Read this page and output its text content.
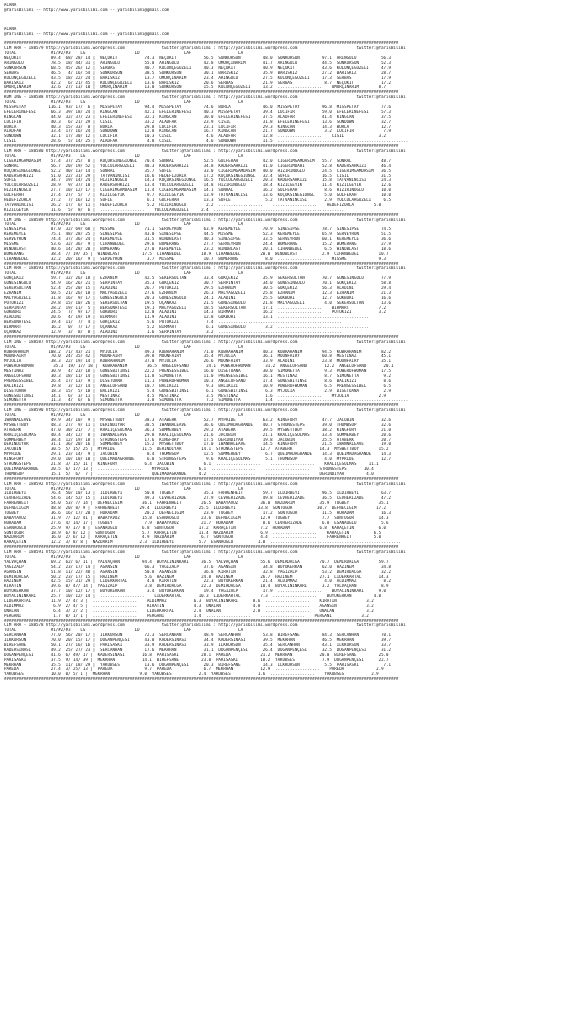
ACANA
@YarisBilimi -- http://www.yarisbilimi.com -- yarisbilimi@gmail.com
ACANA
@YarisBilimi -- http://www.yarisbilimi.com -- yarisbilimi@gmail.com

################################################################################################################################################################
CIM ARA - 188579 http://yarisbilimi.wordpress.com               twitter:@YarisBilimi : http://yarisbilimi.wordpress.com                        twitter:@YarisBilimi
TOTAL              #1/#2/#3    LG                    LD                  LAF                   LA
NEÇUKIT            89.4  68/ 28/ 14 |  NEÇUKIT           74.3  NEÇUKIT           56.5  SONKURSUN         48.0  SONKURSUN         97.1  ARINGÜLÜ          56.3
ARINGÜLÜ           78.5  18/ 44/ 31 |  ARINGÜLÜ          55.0  ARINGÜLÜ          42.8  ÖMÜRÇINARIM       41.7  ARINGÜLÜ          44.5  SONKURSUN         52.3
SONKURSUN          68.5  45/ 26/ 12 |  SERBAS            40.7  KÜLÜNÇEGÜZELI     40.3  NEÇUKIT           40.9  NEÇUKIT           43.6  KÜLÜNÇEGÜZELI     47.9
SERBAS             46.5   4/ 16/ 54 |  SONKURSUN         38.5  SONKURSUN         30.1  BARISKIZ          35.9  BARISKIZ          27.2  BARISKIZ          28.7
KÜLÜNÇEGÜZELI      43.5  18/ 22/ 24 |  BARISKIZ          13.7  ÖMÜRÇINARIM       23.4  ARINGÜLÜ          27.5  KÜLÜNÇEGÜZELI     17.3  SERBAS            17.9
BARISKIZ           42.2   6/ 21/ 45 |  KÜLÜNÇEGÜZELI     13.6  BARISKIZ          20.6  SERBAS            21.9  SERBAS             8.7  NEÇUKIT           17.2
ÖMÜRÇINARIM        32.6  27/ 13/ 10 |  ÖMÜRÇINARIM       13.0  SONKURSUN         15.5  KÜLÜNÇEGÜZELI     13.2  ..................    ÖMÜRÇINARIM        8.7
################################################################################################################################################################
KUM ING - 188588 http://yarisbilimi.wordpress.com               twitter:@YarisBilimi : http://yarisbilimi.wordpress.com                        twitter:@YarisBilimi
TOTAL              #1/#2/#3    LG                    LD                  LAF                   LA
MISSPETAY         116.1  93/ 17/  6 |  MISSPETAY         94.4  MISSPETAY         74.6  BURLA             46.0  MISSPETAY         96.8  MISSPETAY         77.6
EFELERINEFESI      66.3  39/ 18/ 24 |  KINGCAN           42.1  EFELERINEFESI     40.3  MISSPETAY         39.4  LUCIFIR           59.0  EFELERINEFESI     57.3
KINGCAN            44.0  32/ 37/ 23 |  EFELERINEFESI     32.1  KINGCAN           30.0  EFELERINEFESI     37.5  ALADFAR           41.4  KINGCAN           37.5
LUCIFIR            40.3   6/ 21/ 29 |  CISIL             33.2  ALADFAR           23.9  CISIL             31.8  EFELERINEFESI     13.6  SUNDOWN           32.7
BURLA              40.3  15/ 33/  8 |  BURLA             29.8  LUCIFIR           23.1  LUCIFIR           29.3  KINGCAN           14.3  BURLA             12.7
ALADFAR            33.4  17/ 16/ 24 |  SUNDOWN           12.8  KINGCAN           16.7  KINGCAN           21.7  SUNDOWN            3.2  LUCIFIR            7.9
SUNDOWN            32.1  17/ 30/ 12 |  LUCIFIR           10.3  CISIL              4.6  ALADFAR           12.8  ..................    CISIL              3.2
CISIL              28.6   5/ 14/ 25 |  ALADFAR            4.8  CISIL              4.6  SUNDOWN           11.5  .....................................................
################################################################################################################################################################
CIM ARA - 188580 http://yarisbilimi.wordpress.com               twitter:@YarisBilimi : http://yarisbilimi.wordpress.com                        twitter:@YarisBilimi
TOTAL              #1/#2/#3    LG                    LD                  LAF                   LA
CIGERIMGAMDASIM    57.4  37/ 25/  8 |  KÜÇÜKSINEGIONGL   70.4  SONRAL            52.5  GÜLFERAH          42.0  CIGERIMGAMDASIM   55.7  SONRAL            48.7
SONRAL             56.7  20/ 19/ 52 |  YOLCULARGÜZELI    48.3  KADERSAHKIZI      34.8  KADERSAHKIZI      41.0  CIGERIMDAHI       52.8  KADERSAHKIZI      46.4
KÜÇÜKSINEGIONGL    52.2  40/ 13/ 14 |  SONRAL            35.7  SUFLE             33.0  CIGERIMGAMDASIM   40.0  HIZIRINOGLU       24.5  CIGERIMGAMDASIM   36.5
KADERSAHKIZI       51.0  22/ 31/ 29 |  TATVANINCISI      16.6  HEDEFIZORLA       17.2  KÜÇÜKSINEGIONGL   32.4  SUFLE             16.5  CISIL             31.5
SUFLE              34.7  19/ 14/ 24 |  HIZIRINOGLU       14.3  KÜÇÜKSINEGIONGL   16.5  YOLCULARGÜZELI    20.3  KADERSAHKIZI      15.8  TATVANINCISI      24.3
YOLCULARGÜZELI     28.9   9/ 37/ 10 |  KADERSAHKIZI      13.4  YOLCULARGÜZELI    14.8  HIZIRINOGLU       18.4  KIZILGEYIK        11.4  KIZILGEYIK        12.6
HIZIRINOGLU        27.7  10/ 12/ 17 |  CIGERIMGAMDASIM   11.4  CIGERIMGAMDASIM   14.1  SONRAL            16.2  GÜLFERAH           8.6  HIZIRINOGLU       10.0
GÜLFERAH           27.4  27/  5/  7 |  KIZILGEYIK         9.7  KIZILGEYIK        13.9  TATVANINCISI      13.6  KÜÇÜKSINEGIONGL    5.0  GÜLFERAH          10.0
HEDEFIZORLA        27.2   7/ 16/ 12 |  SUFLE              6.1  GÜLFERAH          13.3  SUFLE              5.2  TATVANINCISI       2.9  YOLCULARGÜZELI     6.5
TATVANINCISI       26.2  17/  6/ 11 |  HEDEFIZORLA        5.2  HIZIRINOGLU        2.2  ..................    ..................    HEDEFIZORLA        5.0
KIZILGEYIK         11.6   5/  8/  6 |  ..................    YOLCULARGÜZELI     2.4  .....................................................
################################################################################################################################################################
CIM ING - 188589 http://yarisbilimi.wordpress.com               twitter:@YarisBilimi : http://yarisbilimi.wordpress.com                        twitter:@YarisBilimi
TOTAL              #1/#2/#3    LG                    LD                  LAF                   LA
SINESIPSE          87.0  32/ 69/ 68 |  MISSME            71.1  SERVEYRON         63.9  KEREMEYLE         70.9  SINESIPSE         78.7  SINESIPSE         74.5
KEREMEYLE          75.1  48/ 28/ 25 |  SINESIPSE         43.0  SINESIPSE         44.5  MISSME            52.3  KEREMEYLE         65.9  SERVEYRON         51.5
SERVEYRON          74.4  37/ 36/ 24 |  KEREMEYLE         31.5  WINDBLAST         40.3  SINESIPSE         33.5  SERVEYRON         60.1  KEREMEYLE         36.6
MISSME             53.6  32/ 36/  9 |  CIHANBEDEL        29.6  BUMERANG          27.7  SERVEYRON         24.4  BUMERANG          15.2  BUMERANG          27.9
WINDBLAST          40.6  14/ 28/ 20 |  BUMERANG          27.0  KEREMEYLE         23.2  WINDBLAST         20.1  CIHANBEDEL         6.5  WINDBLAST         18.6
BUMERANG           38.4  7/ 19/ 35 |  WINDBLAST         17.5  CIHANBEDEL        18.9  CIHANBEDEL        20.0  WINDBLAST          2.9  CIHANBEDEL        10.7
CIHANBEDEL         32.2  20/ 16/  9 |  SERVEYRON          3.7  MISSME            10.7  BUMERANG           8.0  ..................    MISSME             9.3
################################################################################################################################################################
CIM ARA - 188593 http://yarisbilimi.wordpress.com               twitter:@YarisBilimi : http://yarisbilimi.wordpress.com                        twitter:@YarisBilimi
TOTAL              #1/#2/#3    LG                    LD                  LAF                   LA
GÖKÇEKIZ           59.7  32/ 26/ 18 |  EZHANIM           42.5  SEKERSULTAN       33.4  GÖKÇEKIZ          35.9  SEKERSULTAN       70.7  GÜNESINGÜLÜ       77.9
GÜNESINGÜLÜ        54.9  16/ 26/ 21 |  SERPINTAY         35.3  GÖKÇEKIZ          30.7  SERPINTAY         34.0  GÜNESINGÜLÜ       70.1  GÖKÇEKIZ          58.8
SEKERSULTAN        52.4  25/ 20/ 15 |  ALADINI           26.7  POTOKIZI          29.5  EZHANIM           30.5  GÖKÇEKIZ          56.3  ALADINI           29.4
EZHANIM            50.5  21/ 26/ 18 |  MALYAGÜZELI       27.6  EZHANIM           26.3  MALYAGÜZELI       25.8  EZHANIM           12.3  EZHANIM           21.3
MALYAGÜZELI        31.8  16/  9/ 17 |  GÜNESINGÜLÜ       20.3  GÜNESINGÜLÜ       24.1  ALADINI           25.5  GÖKBÖRI           12.7  GÖKBÖRI           16.6
POTOKIZI           29.8  15/ 10/ 26 |  SEKERSULTAN       19.5  UÇANKAZ           21.5  GÜNESINGÜLÜ       21.8  MALYAGÜZELI        4.0  SEKERSULTAN       13.6
SERPINTAY          28.2  19/ 11/  5 |  BERSUNATESI       19.1  MALYAGÜZELI       18.5  SEKERSULTAN       17.1  ..................    BIRMART            7.2
GÖKBÖRI            24.5   7/  9/ 17 |  GÖKBÖRI           12.0  ALADINI           14.3  BIRMART           16.2  ..................    POTOKIZI           3.2
ALADINI            20.6   4/ 19/ 19 |  BIRMART           11.9  ALADINI           12.8  GÖKBÖRI           13.1  .....................................
BERSUNATESI        19.4  11/  7/  4 |  GÖKÇEKIZ           5.6  POTOKIZI           7.4  ..................................................
BIRMART            16.2   0/  7/ 17 |  UÇANKAZ            5.2  BIRMART            6.1  GÜNESINGÜLÜ        3.2  .....................................
UÇANKAZ            12.9   3/  8/  8 |  ALADINI            1.6  SERPINTAY          3.2  ..................................................
################################################################################################################################################################
CIM ING - 188587 http://yarisbilimi.wordpress.com               twitter:@YarisBilimi : http://yarisbilimi.wordpress.com                        twitter:@YarisBilimi
TOTAL              #1/#2/#3    LG                    LD                  LAF                   LA
KÜBRAHANIM        108.2  71/ 43/ 21 |  MYJULIA           49.3  KÜBRAHANIM        71.0  KÜBRAHANIM        40.3  KÜBRAHANIM        94.5  KÜBRAHANIM        82.2
MOONFAIRY          70.0  24/ 35/ 42 |  MOONFAIRY         39.8  MOONFAIRY         35.4  MYJULIA           36.1  MOONFAIRY         60.8  MESTINAZ          45.1
MYJULIA            38.3  22/ 19/ 14 |  KÜBRAHANIM        37.0  MYJULIA           26.6  MOONFAIRY         33.9  ALADINI           23.8  MOONFAIRY         35.1
POWEROFWOMAN        35.3  19/ 17/ 18 |  KÜBRAHANIM        36.5  ANGELOFSAND       24.1  POWEROFWOMAN      31.2  ANGELOFSAND       12.2  ANGELOFSAND       20.1
MESTINAZ           30.9   4/ 23/ 18 |  GÜNESBITINSI      22.2  PRENSESSIBEL      16.0  DISETUANA         30.0  SIMONETTA          9.3  POWEROFWOMAN      17.5
ANGELOFSAND        30.3  18/ 11/ 14 |  GÜNESBITINSI      11.8  SIMONETTA         11.0  PRENSESSIBEL      16.1  MESTINAZ           8.7  SIMONETTA          9.2
PRENSESSIBEL       26.4  17/ 13/  9 |  DISETUANA         11.1  POWEROFWOMAN      10.3  ANGELOFSAND       17.4  GÜNESBITINSI       8.6  BALIKIZI           8.6
BALIKIZI           19.8   3/ 12/ 14 |  ANGELOFSAND       10.7  BALIKIZI           9.3  BALIKIZI          10.9  POWEROFWOMAN       6.5  PRENSESSIBEL       6.5
DISETUANA          18.3  15/  5/ 10 |  BALIKIZI           5.4  GÜNESBITINSI       6.1  GÜNESBITINSI       6.3  MYJULIA            2.9  DISETUANA          2.9
GÜNESBITINSI       14.1   6/  3/ 11 |  MESTINAZ           4.5  MESTINAZ           3.5  MESTINAZ           1.6  ..................    MYJULIA            2.9
SIMONETTA          11.3   4/  6/  6 |  SIMONETTA          1.8  SIMONETTA          7.2  SIMONETTA          1.4  .....................................................
################################################################################################################################################################
CIM ING - 188590 http://yarisbilimi.wordpress.com               twitter:@YarisBilimi : http://yarisbilimi.wordpress.com                        twitter:@YarisBilimi
TOTAL              #1/#2/#3    LG                    LD                  LAF                   LA
IWANNALEAVE        49.9  34/ 10/  9 |  MYSWETTBOY        38.3  ATABERK           52.7  MYPRIDE           63.2  KINGFURY          47.7  JACOBIN           32.6
MYSWETTBOY         48.3  27/  9/ 11 |  DERINDIYAR        38.5  IWANNALEAVE       36.6  QUEIMADAGRANDE    40.7  STRONGSTEPS       39.0  THUMBSUP          32.6
ATABERK            47.0  30/ 21/  7 |  KRALIÇESULMAS     36.3  SÖMMERBEY         29.2  ATABERK           39.5  MYSWETTBOY        38.2  KINGFURY          21.0
KRALIÇESULMAS      40.4  34/ 12/  8 |  IWANNALEAVE       29.8  KRALIÇESULMAS     21.6  JACOBIN           21.1  KRALIÇESULMAS     33.4  SÖMMERBEY         20.6
SÖMMERBEY          38.4  12/ 19/ 18 |  STRONGSTEPS       17.6  KINGFURY          17.5  DERINDIYAR        19.8  JACOBIN           25.5  ATABERK           20.7
DERINDIYAR         31.1  36/ 20/ 16 |  SÖMMERBEY         15.2  MYSWETTBOY        17.0  IWANNALEAVE       14.5  KINGFURY          21.5  IWANNALEAVE       19.0
JACOBIN            30.5  5/ 15/ 25 |  MYPRIDE           11.5  DERINDIYAR        14.1  STRONGSTEPS       12.7  ATABERK           14.3  MYSWETTBOY        15.2
MYPRIDE            29.1  23/ 14/  9 |  JACOBIN            8.4  THUMBSUP          12.5  SÖMMERBEY          6.7  QUEIMADAGRANDE    14.3  QUEIMADAGRANDE    14.3
KINGFURY           29.0  10/ 10/ 10 |  QUEIMADAGRANDE     6.8  STRONGSTEPS        9.6  KRALIÇESULMAS      5.1  THUMBSUP           4.0  MYPRIDE           12.7
STRONGSTEPS        21.8  3/ 15/ 11 |  KINGFURY           6.4  JACOBIN            6.1  ..................    ..................    KRALIÇESULMAS     11.1
QUEIMADAGRANDE     20.5  6/ 17/ 13 |  ..................    MYPRIDE            6.1  ..................    ..................    STRONGSTEPS       10.4
THUMBSUP           15.1  5/  6/  7 |  ..................    QUEIMADAGRANDE     4.2  ..................    ..................    DERINDIYAR         4.0
################################################################################################################################################################
CIM ARA - 188592 http://yarisbilimi.wordpress.com               twitter:@YarisBilimi : http://yarisbilimi.wordpress.com                        twitter:@YarisBilimi
TOTAL              #1/#2/#3    LG                    LD                  LAF                   LA
ILDIRBEYI          76.4  50/ 10/ 13 |  ILDIRBEYI         50.8  TUGBEY            35.3  FAHRENHEIT        59.7  ILDIRBEYI         96.5  ILDIRBEYI         63.7
CEVHERIZADE        54.6  14/ 52/ 15 |  ILDIRBEYI         49.3  CEVHERIZADE       27.9  CEVHERIZADE       49.8  CEVHERIZADE       36.5  CEVHERIZADE       47.2
FAHRENHEIT         54.0  53/ 7/ 14 |  DEFNECIGIM        36.1  FAHRENHEIT        26.5  BABAYAVUZ         36.0  NAZDARIM          35.9  TUGBEY            35.1
DEFNECIGIM         48.8  20/ 8/ 9 |  FAHRENHEIT        29.4  ILDIRBEYI         25.5  ILDIRBEYI         33.8  SONTUGUR          30.7  DEFNECIGIM        17.2
TUGBEY             36.6  16/ 17/ 20 |  HÜRADAM           20.2  DEFNECIGIM        23.9  TUGBEY            17.2  SONTUGUR          11.5  HÜRADAM           16.3
BABAYAVUZ          31.9  7/ 12/ 41 |  BABAYAVUZ         15.8  ESANAOGLU         23.6  DEFNECIGIM        12.9  TUGBEY             7.7  SONTUGUR          14.3
HÜRADAM            27.6  4/ 14/ 17 |  TUGBEY             7.9  BABAYAVUZ         21.7  HÜRADAM            8.6  CEVHERIZADE        6.8  ESANAOGLU          5.6
ESANAOGLU          25.9  9/ 17/ 8 |  ESANAOGLU          6.8  SONTUGUR          17.2  KARAÇETIN          7.2  HÜRADAM            6.8  KARAÇETIN          6.0
SONTUGUR           18.9  6/ 8/ 12 |  SONTUGUR           5.7  KARAÇETIN         11.4  NAZDARIM           6.9  ..................    KARAÇETIN          6.5
NAZDARIM           16.0  2/ 6/ 12 |  KARAÇETIN          4.9  NAZDARIM           6.7  SONTUGUR           4.4  ..................    FAHRENHEIT         5.0
KARAÇETIN          12.2  3/ 8/ 8 |  NAZDARIM           2.3  ILDIRBEYI          5.7  ESANAOGLU          1.0  .....................................................
################################################################################################################################################################
CIM ARA - 188591 http://yarisbilimi.wordpress.com               twitter:@YarisBilimi : http://yarisbilimi.wordpress.com                        twitter:@YarisBilimi
TOTAL              #1/#2/#3    LG                    LD                  LAF                   LA
YALVAÇHAN          69.2  62/ 6/ 11 |  YALVAÇHAN         94.4  BOYACININKARI     36.5  YALVAÇHAN         55.6  DEMIRDALGA        70.7  DEMIRDALGA        59.7
YAGIZALP           54.2  23/ 17/ 14 |  AGANSIN           66.3  YAGIZALP          37.6  AGANSIN           34.8  BÜYÜKERKAN        62.0  HAZINEM           34.8
AGANSIN            51.8  11/ 22/ 48 |  AGANSIN           50.8  AGANSIN           36.8  KIRATIN           32.8  YAGIZALP          53.2  DEMIRDALGA        32.2
DEMIRDALGA         50.2  23/ 17/ 15 |  HAZINEM           5.6  HAZINEM           24.8  HAZINEM           26.7  HAZINEM           27.1  LIDERKARTAL       14.3
HAZINEM            42.5  15/ 31/ 29 |  LIDERKARTAL        4.8  KIRATIN           22.3  BÜYÜKERKAN        21.4  ALDIMMAZ           4.0  ALDIMMAZ           8.2
KIRATIN            39.6  0/ 47/ 14 |  YAGIZALP           3.8  DEMIRDALGA        22.3  DEMIRDALGA        18.4  BOYACININKARI      3.2  YALVAÇHAN          8.9
BÜYÜKERKAN         37.7  10/ 12/ 17 |  BÜYÜKERKAN         3.4  BÜYÜKERKAN        19.4  YAGIZALP          17.9  ..................    BOYACININKARI      9.0
BOYACININKARI      25.7  10/ 12/ 14 |  ..................    LIDERKARTAL       10.3  LIDERKARTAL        7.3  ..................    BÜYÜKERKAN         4.0
LIDERKARTAL        11.9  2/ 4/ 3 |  ..................    ALDIMMAZ           6.3  BOYACININKARI      8.6  ..................    KIRATIN            3.2
ALDIMMAZ            6.9  2/ 4/ 5 |  ..................    KIRATIN            4.3  ÜNALAN             4.8  ..................    AGANSIN            3.2
ÜNALAN              6.4  3/ 2/ 2 |  ..................    LIDERKARTAL        2.4  ÜNALAN             2.8  ..................    ÜNALAN             3.2
PERGANI             1.7  0/ 1/ 1 |  ..................    PERGANI            1.4  ..................    ..................    PERGANI            3.2
################################################################################################################################################################
CIM ARA - 188578 http://yarisbilimi.wordpress.com               twitter:@YarisBilimi : http://yarisbilimi.wordpress.com                        twitter:@YarisBilimi
TOTAL              #1/#2/#3    LG                    LD                  LAF                   LA
SERCANHAN          77.0  56/ 20/ 17 |  ILKKURSUN         72.3  SERCANHAN         48.9  SERCANHAN         53.8  BIREFSANE         84.3  SERCANHAN         70.1
ILKKURSUN          70.0  20/ 15/ 17 |  DOGANPENÇESI      43.0  KADERSINASI       34.4  KADERSINASI       39.5  MEKRHAN           46.5  MEKRHAN           39.7
BIREFSANE          50.1  27/ 16/ 16 |  PARISASKI         33.9  KADERSINASI       33.9  ILKKURSUN         35.4  SERCANHAN         43.1  ILKKURSUN         33.7
KADERSINASI        49.2  25/ 27/ 23 |  SERCANHAN         17.6  MEKRHAN           31.1  DOGANPENÇESI      26.4  DOGANPENÇESI      32.5  DOGANPENÇESI      31.2
DOGANPENÇESI       41.6  6/ 49/ 17 |  KADERSINASI       16.8  PARISASKI         28.1  PAREDA            21.2  MEKRHAN           20.0  BIREFSANE         25.0
PARISASKI          37.5  9/ 14/ 39 |  MEKRHAN           14.1  BIREFSANE         23.0  PARISASKI         18.2  YAKUBSES           7.9  DOGANPENÇESI      22.7
MEKRHAN            35.5  11/ 18/ 29 |  YAKUBSES          13.6  DOGANPENÇESI      20.3  BIREFSANE         14.3  ILKKURSUN          5.5  PARISASKI          7.1
PAREDA             27.4  3/ 25/ 13 |  PAREDA             9.7  PAREDA             6.7  MEKRHAN           12.9  ..................    PAREDA             2.9
YAKUBSES           10.0  0/ 5/ 1 |  MEKRHAN            9.0  YAKUBSES           2.4  YAKUBSES           1.6  ..................    YAKUBSES           2.9
################################################################################################################################################################
